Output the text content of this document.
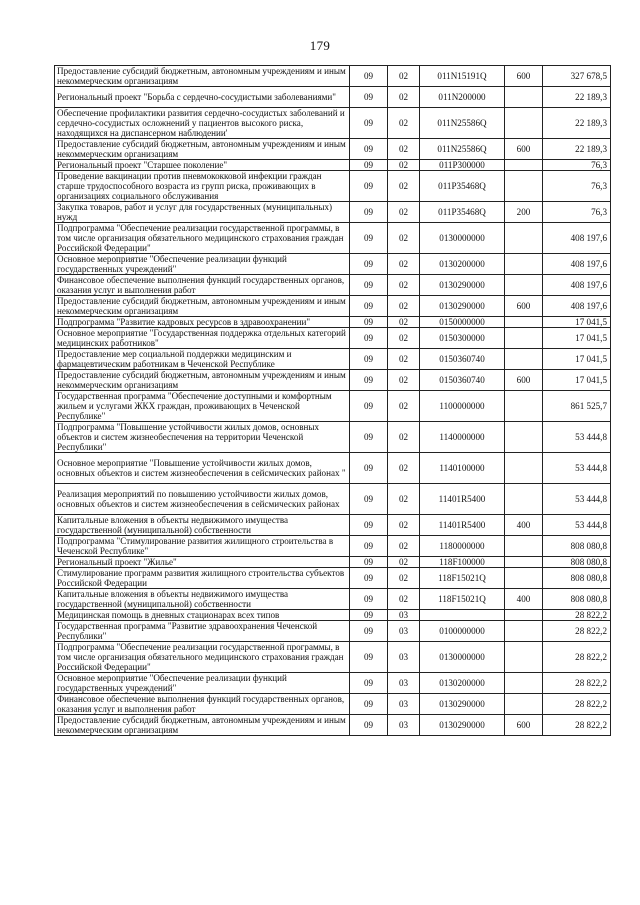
179
Предоставление субсидий бюджетным, автономным учреждениям и иным некоммерческим организациям	09	02	011N15191Q	600	327 678,5
Региональный проект "Борьба с сердечно-сосудистыми заболеваниями"	09	02	011N200000		22 189,3
Обеспечение профилактики развития сердечно-сосудистых заболеваний и сердечно-сосудистых осложнений у пациентов высокого риска, находящихся на диспансерном наблюдении'	09	02	011N25586Q		22 189,3
Предоставление субсидий бюджетным, автономным учреждениям и иным некоммерческим организациям	09	02	011N25586Q	600	22 189,3
Региональный проект "Старшее поколение"	09	02	011P300000		76,3
Проведение вакцинации против пневмококковой инфекции граждан старше трудоспособного возраста из групп риска, проживающих в организациях социального обслуживания	09	02	011P35468Q		76,3
Закупка товаров, работ и услуг для государственных (муниципальных) нужд	09	02	011P35468Q	200	76,3
Подпрограмма "Обеспечение реализации государственной программы, в том числе организация обязательного медицинского страхования граждан Российской Федерации"	09	02	0130000000		408 197,6
Основное мероприятие "Обеспечение реализации функций государственных учреждений"	09	02	0130200000		408 197,6
Финансовое обеспечение выполнения функций государственных органов, оказания услуг и выполнения работ	09	02	0130290000		408 197,6
Предоставление субсидий бюджетным, автономным учреждениям и иным некоммерческим организациям	09	02	0130290000	600	408 197,6
Подпрограмма "Развитие кадровых ресурсов в здравоохранении"	09	02	0150000000		17 041,5
Основное мероприятие "Государственная поддержка отдельных категорий медицинских работников"	09	02	0150300000		17 041,5
Предоставление мер социальной поддержки медицинским и фармацевтическим работникам в Чеченской Республике	09	02	0150360740		17 041,5
Предоставление субсидий бюджетным, автономным учреждениям и иным некоммерческим организациям	09	02	0150360740	600	17 041,5
Государственная программа "Обеспечение доступными и комфортным жильем и услугами ЖКХ граждан, проживающих в Чеченской Республике"	09	02	1100000000		861 525,7
Подпрограмма "Повышение устойчивости жилых домов, основных объектов и систем жизнеобеспечения на территории Чеченской Республики"	09	02	1140000000		53 444,8
Основное мероприятие "Повышение устойчивости жилых домов, основных объектов и систем жизнеобеспечения в сейсмических районах "	09	02	1140100000		53 444,8
Реализация мероприятий по повышению устойчивости жилых домов, основных объектов и систем жизнеобеспечения в сейсмических районах	09	02	11401R5400		53 444,8
Капитальные вложения в объекты недвижимого имущества государственной (муниципальной) собственности	09	02	11401R5400	400	53 444,8
Подпрограмма "Стимулирование развития жилищного строительства в Чеченской Республике"	09	02	1180000000		808 080,8
Региональный проект "Жилье"	09	02	118F100000		808 080,8
Стимулирование программ развития жилищного строительства субъектов Российской Федерации	09	02	118F15021Q		808 080,8
Капитальные вложения в объекты недвижимого имущества государственной (муниципальной) собственности	09	02	118F15021Q	400	808 080,8
Медицинская помощь в дневных стационарах всех типов	09	03			28 822,2
Государственная программа "Развитие здравоохранения Чеченской Республики"	09	03	0100000000		28 822,2
Подпрограмма "Обеспечение реализации государственной программы, в том числе организация обязательного медицинского страхования граждан Российской Федерации"	09	03	0130000000		28 822,2
Основное мероприятие "Обеспечение реализации функций государственных учреждений"	09	03	0130200000		28 822,2
Финансовое обеспечение выполнения функций государственных органов, оказания услуг и выполнения работ	09	03	0130290000		28 822,2
Предоставление субсидий бюджетным, автономным учреждениям и иным некоммерческим организациям	09	03	0130290000	600	28 822,2
